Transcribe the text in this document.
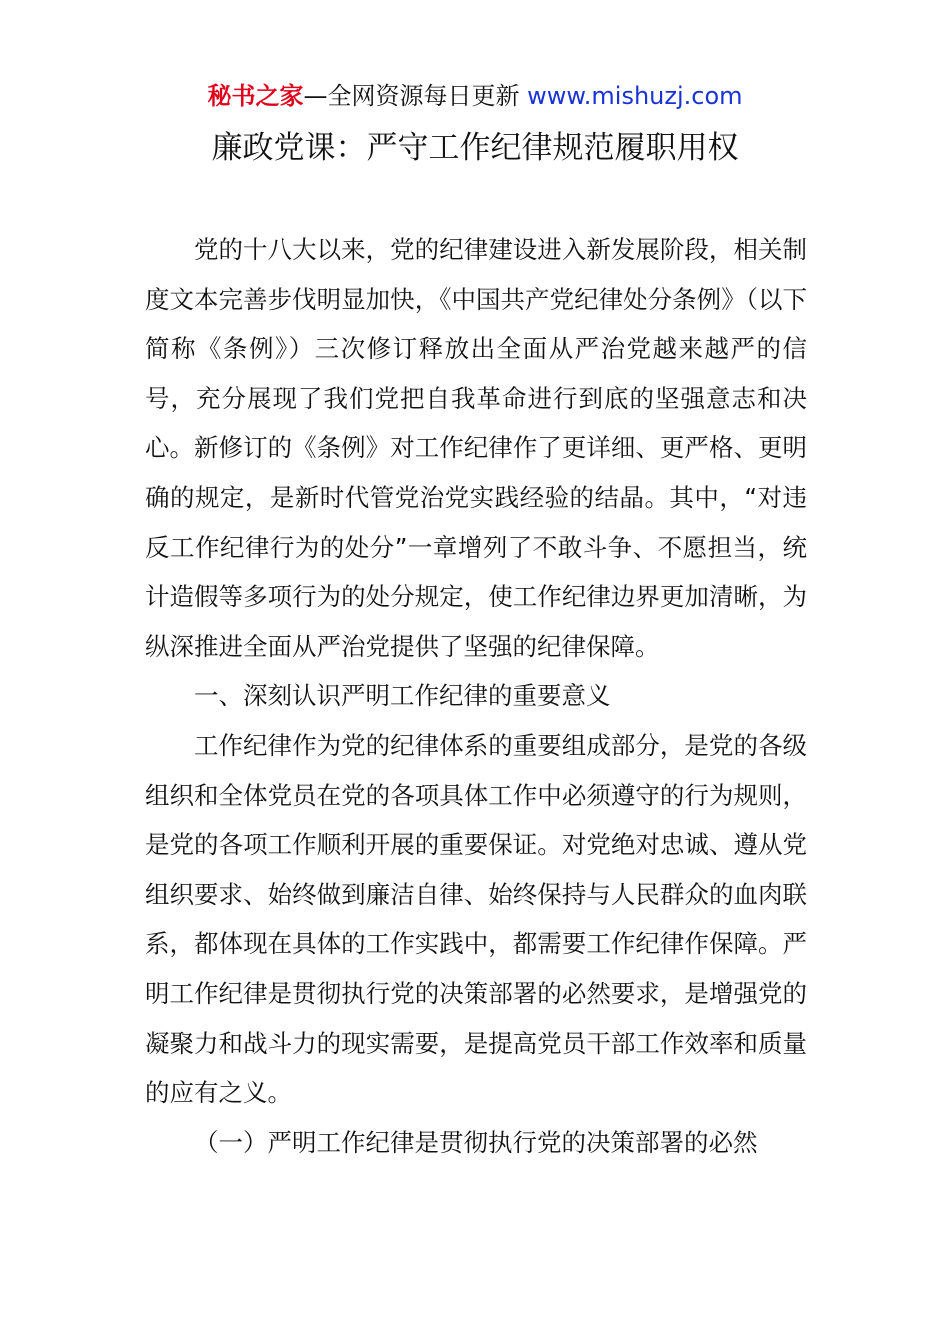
秘书之家—全网资源每日更新 www.mishuzj.com
廉政党课：严守工作纪律规范履职用权

党的十八大以来，党的纪律建设进入新发展阶段，相关制度文本完善步伐明显加快，《中国共产党纪律处分条例》（以下简称《条例》）三次修订释放出全面从严治党越来越严的信号，充分展现了我们党把自我革命进行到底的坚强意志和决心。新修订的《条例》对工作纪律作了更详细、更严格、更明确的规定，是新时代管党治党实践经验的结晶。其中，“对违反工作纪律行为的处分”一章增列了不敢斗争、不愿担当，统计造假等多项行为的处分规定，使工作纪律边界更加清晰，为纵深推进全面从严治党提供了坚强的纪律保障。

一、深刻认识严明工作纪律的重要意义

工作纪律作为党的纪律体系的重要组成部分，是党的各级组织和全体党员在党的各项具体工作中必须遵守的行为规则，是党的各项工作顺利开展的重要保证。对党绝对忠诚、遵从党组织要求、始终做到廉洁自律、始终保持与人民群众的血肉联系，都体现在具体的工作实践中，都需要工作纪律作保障。严明工作纪律是贯彻执行党的决策部署的必然要求，是增强党的凝聚力和战斗力的现实需要，是提高党员干部工作效率和质量的应有之义。

（一）严明工作纪律是贯彻执行党的决策部署的必然
